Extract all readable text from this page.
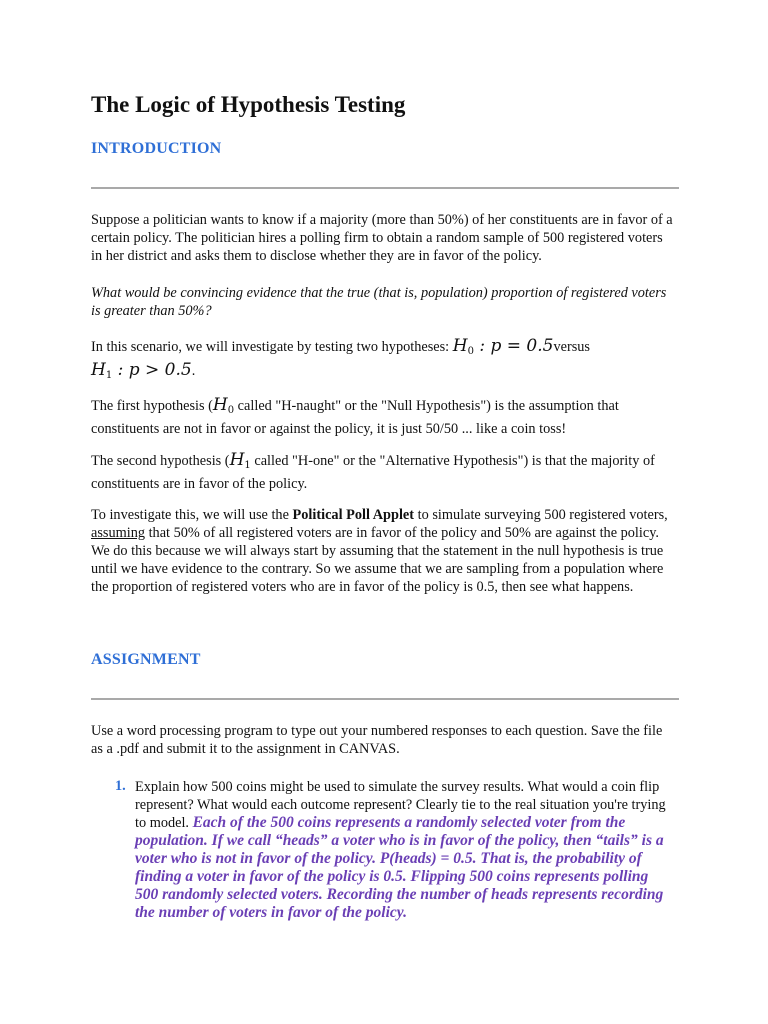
The Logic of Hypothesis Testing
INTRODUCTION

Suppose a politician wants to know if a majority (more than 50%) of her constituents are in favor of a certain policy. The politician hires a polling firm to obtain a random sample of 500 registered voters in her district and asks them to disclose whether they are in favor of the policy.

What would be convincing evidence that the true (that is, population) proportion of registered voters is greater than 50%?

In this scenario, we will investigate by testing two hypotheses: $H_0$ : p = 0.5versus
$H_1$ : p > 0.5.

The first hypothesis ($H_0$ called "H-naught" or the "Null Hypothesis") is the assumption that constituents are not in favor or against the policy, it is just 50/50 ... like a coin toss!

The second hypothesis ($H_1$ called "H-one" or the "Alternative Hypothesis") is that the majority of constituents are in favor of the policy.

To investigate this, we will use the Political Poll Applet to simulate surveying 500 registered voters, assuming that 50% of all registered voters are in favor of the policy and 50% are against the policy. We do this because we will always start by assuming that the statement in the null hypothesis is true until we have evidence to the contrary. So we assume that we are sampling from a population where the proportion of registered voters who are in favor of the policy is 0.5, then see what happens.

ASSIGNMENT

Use a word processing program to type out your numbered responses to each question. Save the file as a .pdf and submit it to the assignment in CANVAS.

1. Explain how 500 coins might be used to simulate the survey results. What would a coin flip represent? What would each outcome represent? Clearly tie to the real situation you're trying to model. Each of the 500 coins represents a randomly selected voter from the population. If we call “heads” a voter who is in favor of the policy, then “tails” is a voter who is not in favor of the policy. P(heads) = 0.5. That is, the probability of finding a voter in favor of the policy is 0.5. Flipping 500 coins represents polling 500 randomly selected voters. Recording the number of heads represents recording the number of voters in favor of the policy.
